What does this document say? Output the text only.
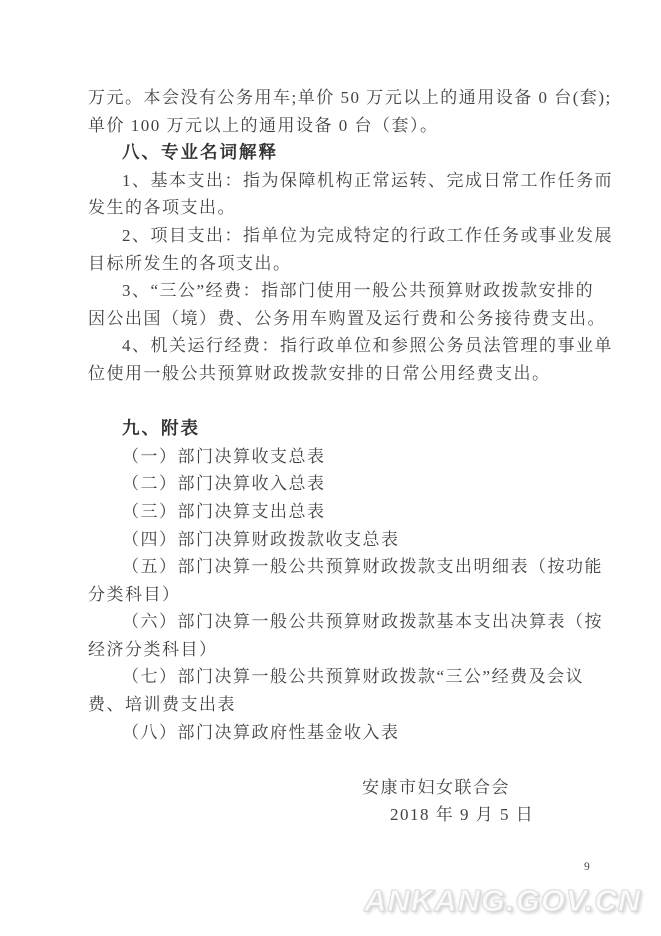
万元。本会没有公务用车;单价 50 万元以上的通用设备 0 台(套);
单价 100 万元以上的通用设备 0 台（套）。
八、专业名词解释
1、基本支出：指为保障机构正常运转、完成日常工作任务而
发生的各项支出。
2、项目支出：指单位为完成特定的行政工作任务或事业发展
目标所发生的各项支出。
3、“三公”经费：指部门使用一般公共预算财政拨款安排的
因公出国（境）费、公务用车购置及运行费和公务接待费支出。
4、机关运行经费：指行政单位和参照公务员法管理的事业单
位使用一般公共预算财政拨款安排的日常公用经费支出。
九、附表
（一）部门决算收支总表
（二）部门决算收入总表
（三）部门决算支出总表
（四）部门决算财政拨款收支总表
（五）部门决算一般公共预算财政拨款支出明细表（按功能
分类科目）
（六）部门决算一般公共预算财政拨款基本支出决算表（按
经济分类科目）
（七）部门决算一般公共预算财政拨款“三公”经费及会议
费、培训费支出表
（八）部门决算政府性基金收入表
安康市妇女联合会
2018 年 9 月 5 日
9
ANKANG.GOV.CN
